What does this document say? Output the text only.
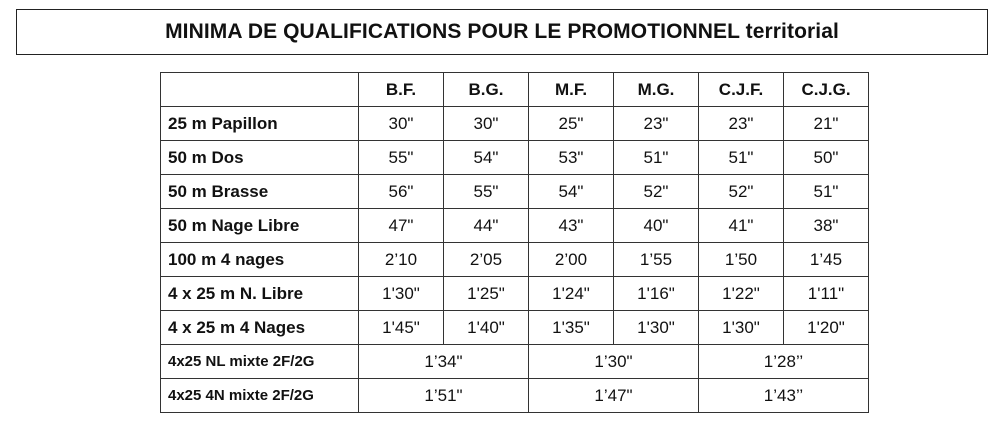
MINIMA DE QUALIFICATIONS POUR LE PROMOTIONNEL territorial
	B.F.	B.G.	M.F.	M.G.	C.J.F.	C.J.G.
25 m Papillon	30"	30"	25"	23"	23"	21"
50 m Dos	55"	54"	53"	51"	51"	50"
50 m Brasse	56"	55"	54"	52"	52"	51"
50 m Nage Libre	47"	44"	43"	40"	41"	38"
100 m 4 nages	2’10	2’05	2’00	1’55	1’50	1’45
4 x 25 m N. Libre	1'30"	1'25"	1'24"	1'16"	1'22"	1'11"
4 x 25 m 4 Nages	1'45"	1'40"	1'35"	1'30"	1'30"	1'20"
4x25 NL mixte 2F/2G	1’34"		1’30"		1’28’’	
4x25 4N mixte 2F/2G	1’51"		1’47"		1’43’’	
